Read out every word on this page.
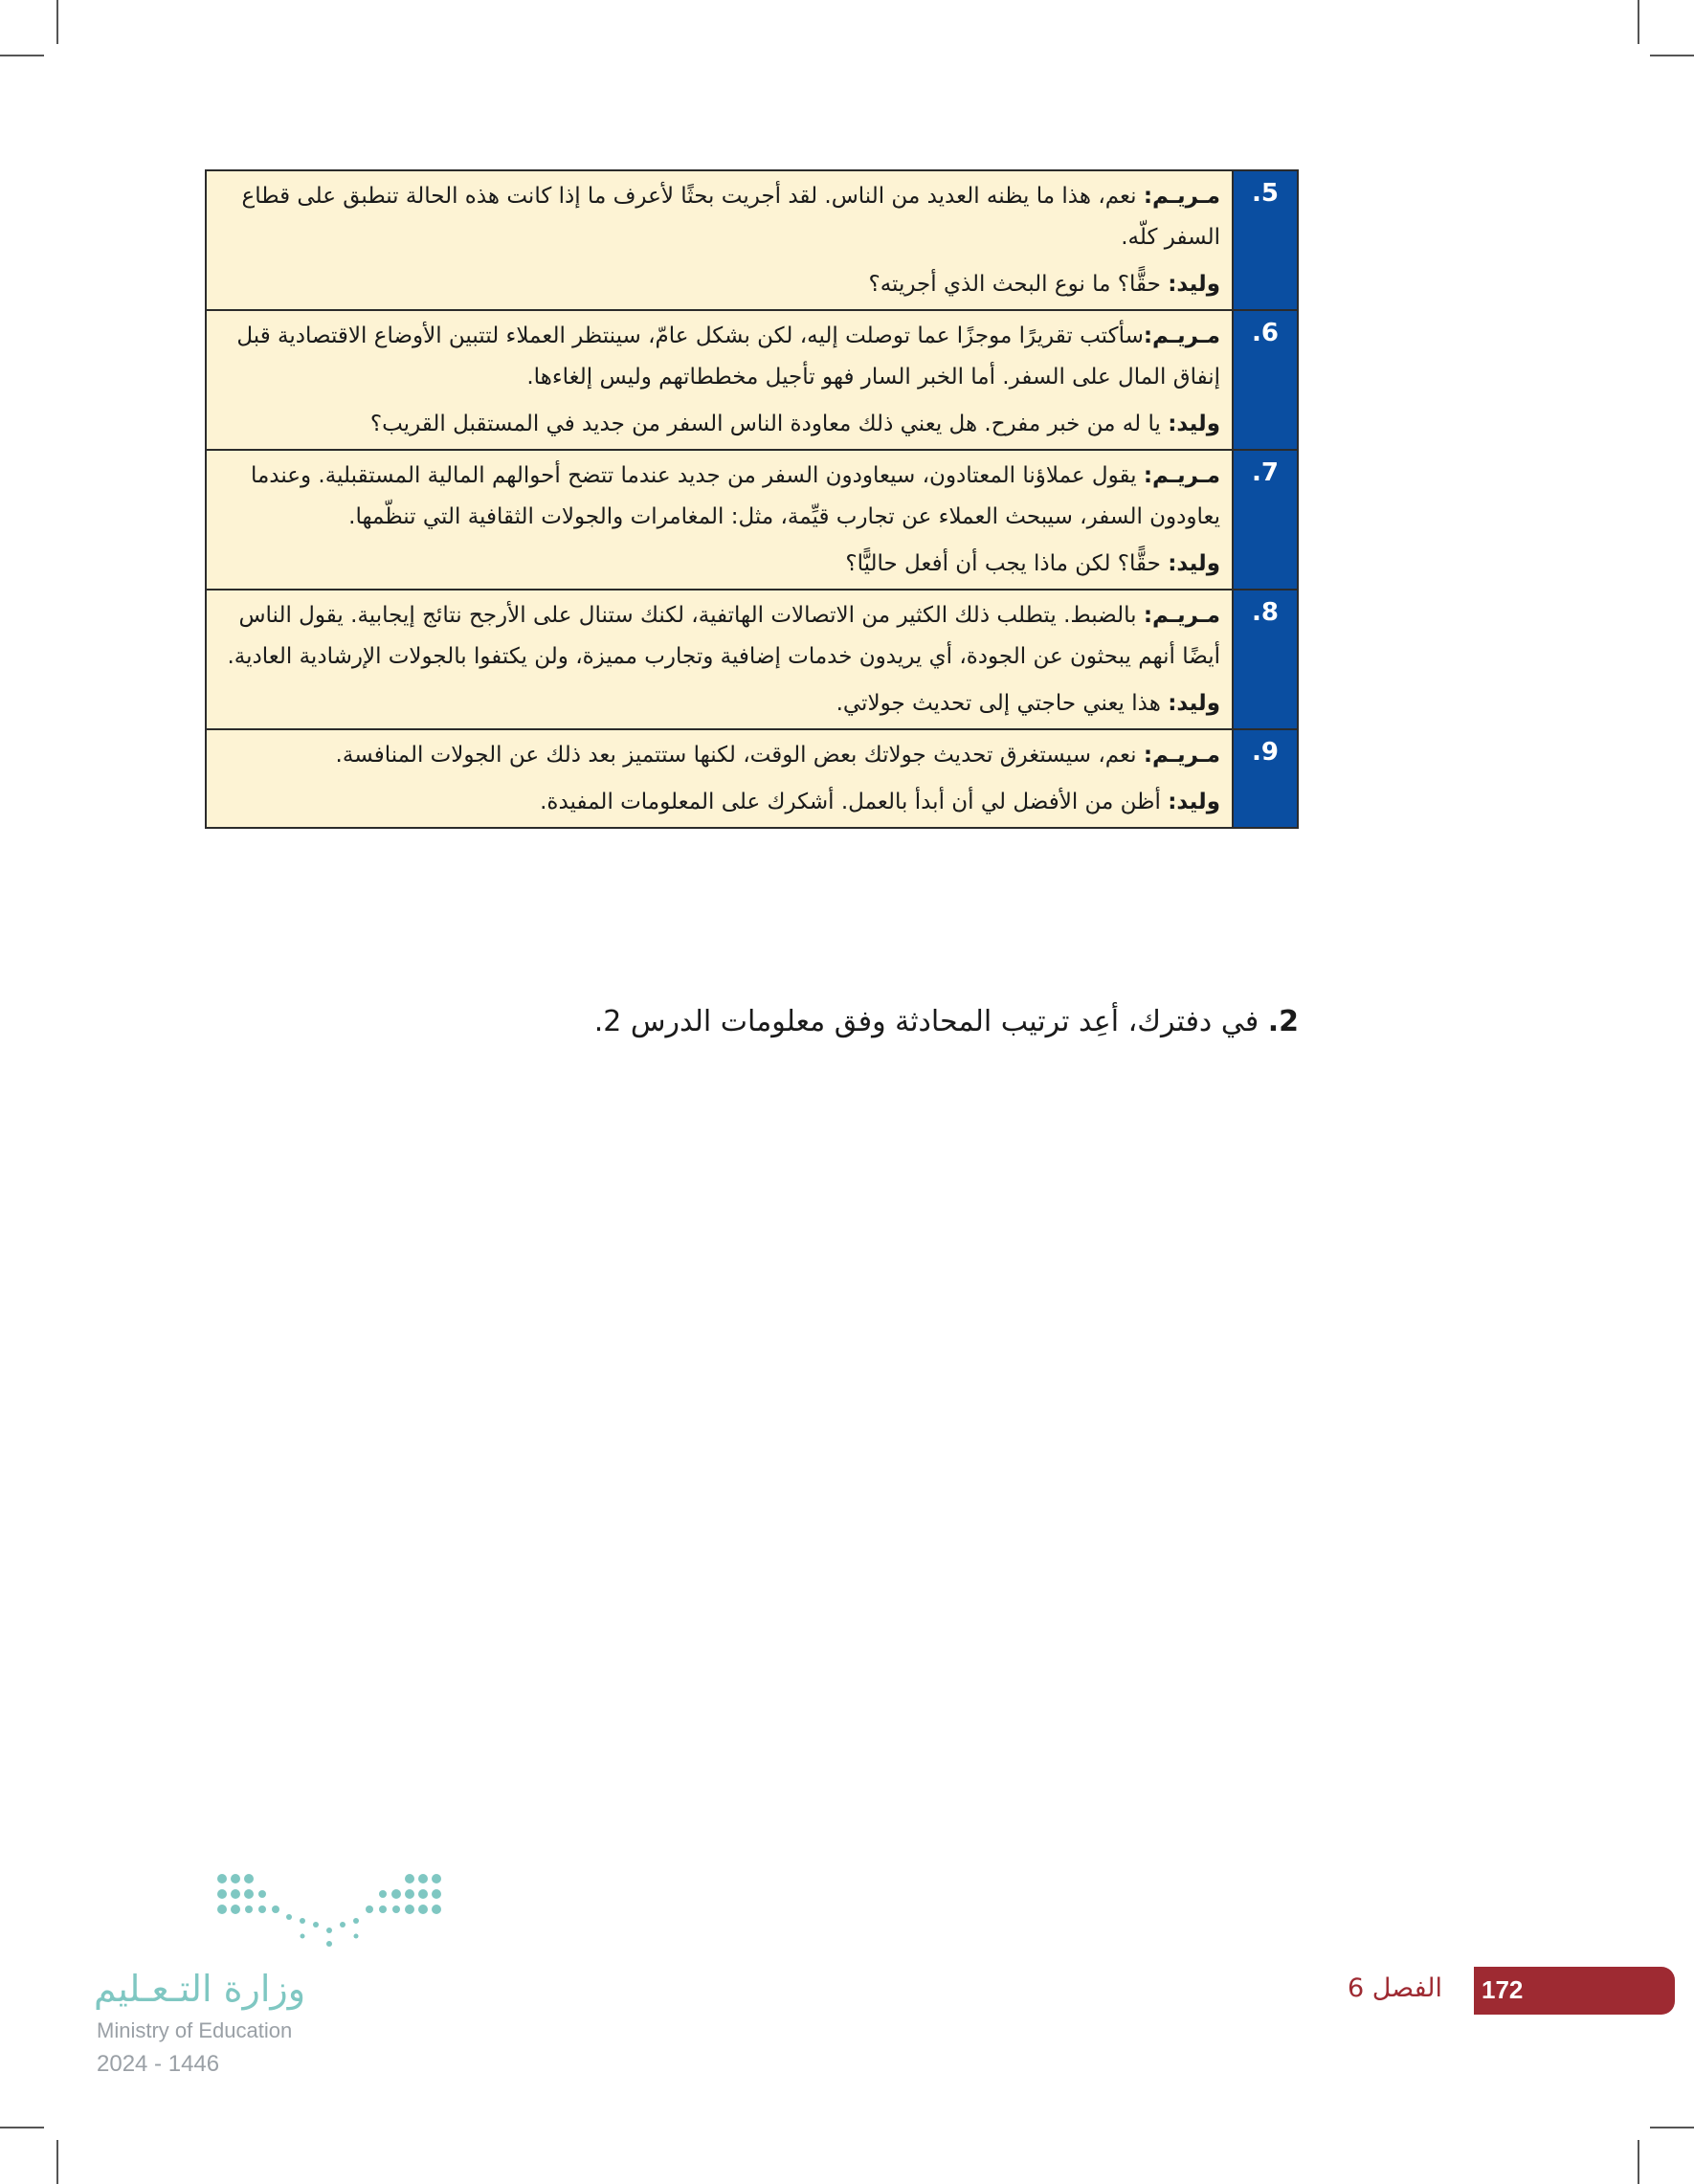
مـريـم: نعم، هذا ما يظنه العديد من الناس. لقد أجريت بحثًا لأعرف ما إذا كانت هذه الحالة تنطبق على قطاع السفر كلّه.

وليد: حقًّا؟ ما نوع البحث الذي أجريته؟

.5

مـريـم:سأكتب تقريرًا موجزًا عما توصلت إليه، لكن بشكل عامّ، سينتظر العملاء لتتبين الأوضاع الاقتصادية قبل إنفاق المال على السفر. أما الخبر السار فهو تأجيل مخططاتهم وليس إلغاءها.

وليد: يا له من خبر مفرح. هل يعني ذلك معاودة الناس السفر من جديد في المستقبل القريب؟

.6

مـريـم: يقول عملاؤنا المعتادون، سيعاودون السفر من جديد عندما تتضح أحوالهم المالية المستقبلية. وعندما يعاودون السفر، سيبحث العملاء عن تجارب قيِّمة، مثل: المغامرات والجولات الثقافية التي تنظّمها.

وليد: حقًّا؟ لكن ماذا يجب أن أفعل حاليًّا؟

.7

مـريـم: بالضبط. يتطلب ذلك الكثير من الاتصالات الهاتفية، لكنك ستنال على الأرجح نتائج إيجابية. يقول الناس أيضًا أنهم يبحثون عن الجودة، أي يريدون خدمات إضافية وتجارب مميزة، ولن يكتفوا بالجولات الإرشادية العادية.

وليد: هذا يعني حاجتي إلى تحديث جولاتي.

.8

مـريـم: نعم، سيستغرق تحديث جولاتك بعض الوقت، لكنها ستتميز بعد ذلك عن الجولات المنافسة.

وليد: أظن من الأفضل لي أن أبدأ بالعمل. أشكرك على المعلومات المفيدة.

.9
2. في دفترك، أعِد ترتيب المحادثة وفق معلومات الدرس 2.
وزارة التـعـليم
Ministry of Education
2024 - 1446
172
الفصل 6
